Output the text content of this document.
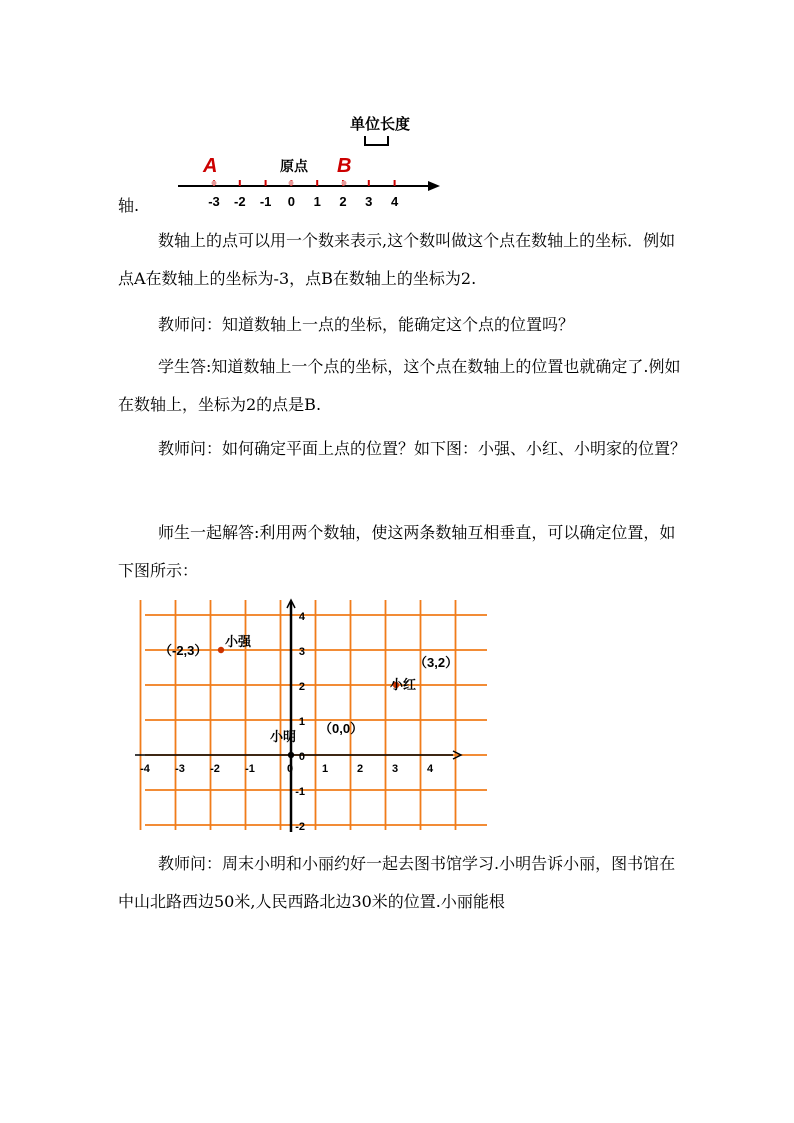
轴.
单位长度
A	原点 B
-3 -2 -1 0 1 2 3 4

数轴上的点可以用一个数来表示,这个数叫做这个点在数轴上的坐标．例如点A在数轴上的坐标为-3，点B在数轴上的坐标为2.

教师问：知道数轴上一点的坐标，能确定这个点的位置吗？

学生答:知道数轴上一个点的坐标，这个点在数轴上的位置也就确定了.例如在数轴上，坐标为2的点是B.

教师问：如何确定平面上点的位置？如下图：小强、小红、小明家的位置？

师生一起解答:利用两个数轴，使这两条数轴互相垂直，可以确定位置，如下图所示：

-4 -3 -2 -1	0	1	2	3	4
4
3
2
1
0
-1
-2
小强
（-2,3）
小红
（3,2）
小明
（0,0）

教师问：周末小明和小丽约好一起去图书馆学习.小明告诉小丽，图书馆在中山北路西边50米,人民西路北边30米的位置.小丽能根
